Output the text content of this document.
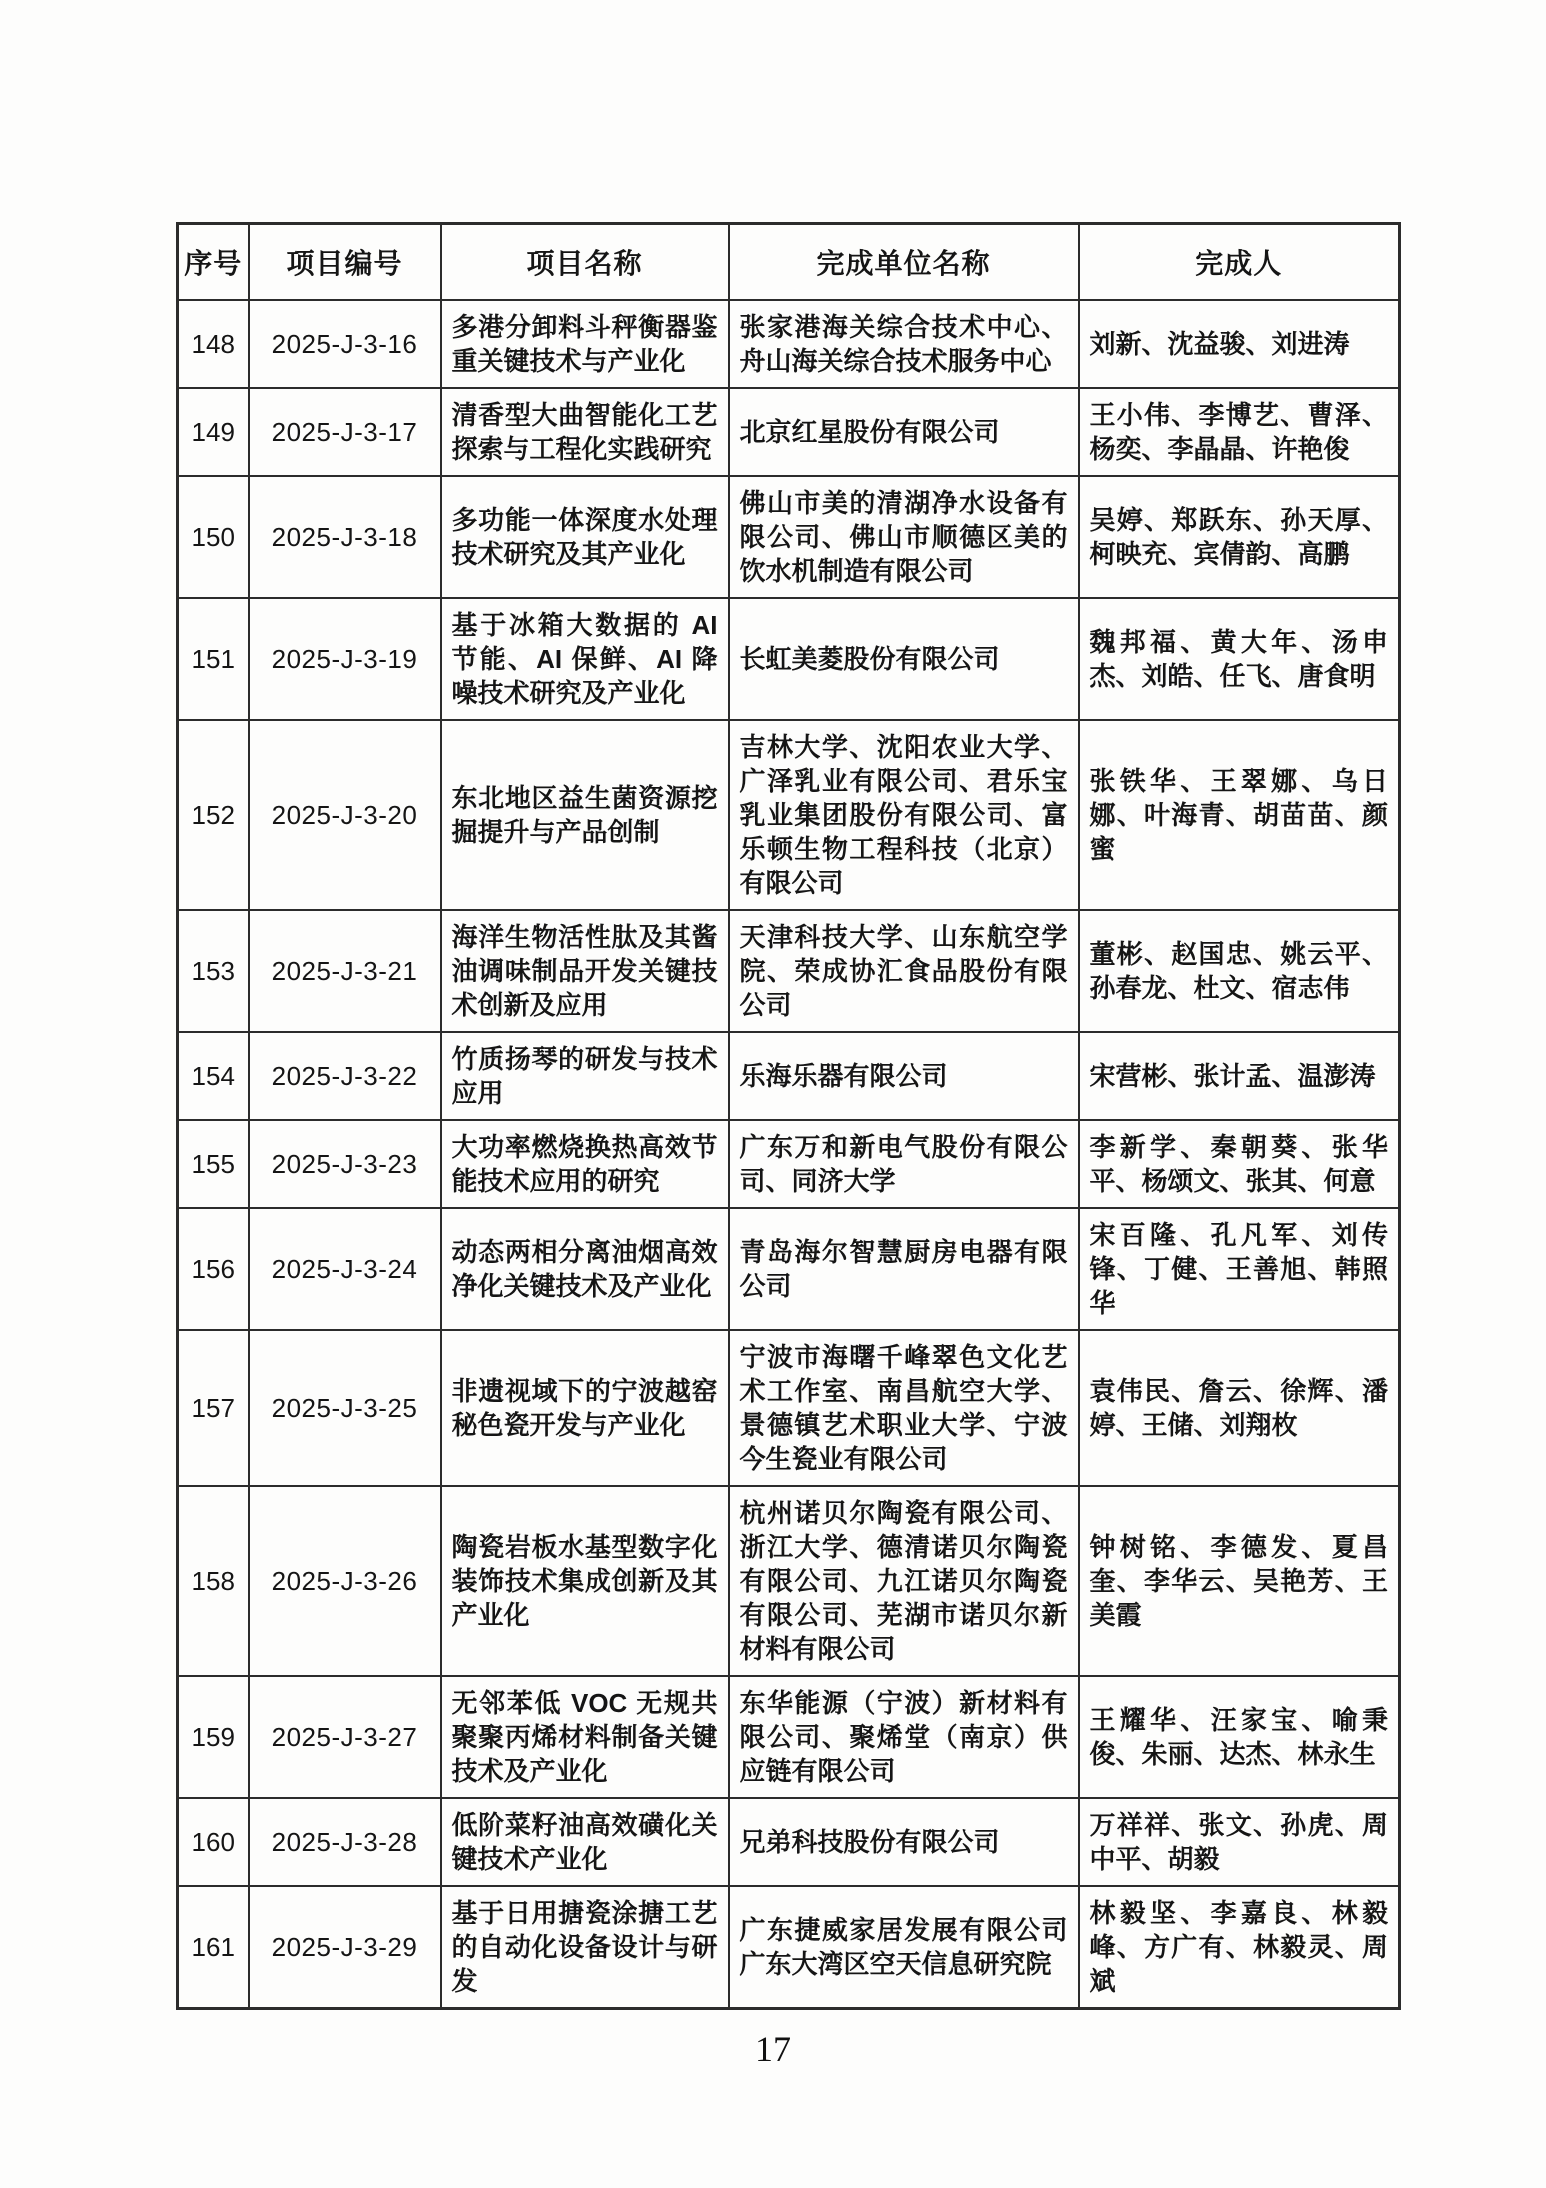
序号	项目编号	项目名称	完成单位名称	完成人
148	2025-J-3-16	多港分卸料斗秤衡器鉴重关键技术与产业化	张家港海关综合技术中心、舟山海关综合技术服务中心	刘新、沈益骏、刘进涛
149	2025-J-3-17	清香型大曲智能化工艺探索与工程化实践研究	北京红星股份有限公司	王小伟、李博艺、曹泽、杨奕、李晶晶、许艳俊
150	2025-J-3-18	多功能一体深度水处理技术研究及其产业化	佛山市美的清湖净水设备有限公司、佛山市顺德区美的饮水机制造有限公司	吴婷、郑跃东、孙天厚、柯映充、宾倩韵、高鹏
151	2025-J-3-19	基于冰箱大数据的 AI 节能、AI 保鲜、AI 降噪技术研究及产业化	长虹美菱股份有限公司	魏邦福、黄大年、汤申杰、刘皓、任飞、唐食明
152	2025-J-3-20	东北地区益生菌资源挖掘提升与产品创制	吉林大学、沈阳农业大学、广泽乳业有限公司、君乐宝乳业集团股份有限公司、富乐顿生物工程科技（北京）有限公司	张铁华、王翠娜、乌日娜、叶海青、胡苗苗、颜蜜
153	2025-J-3-21	海洋生物活性肽及其酱油调味制品开发关键技术创新及应用	天津科技大学、山东航空学院、荣成协汇食品股份有限公司	董彬、赵国忠、姚云平、孙春龙、杜文、宿志伟
154	2025-J-3-22	竹质扬琴的研发与技术应用	乐海乐器有限公司	宋营彬、张计孟、温澎涛
155	2025-J-3-23	大功率燃烧换热高效节能技术应用的研究	广东万和新电气股份有限公司、同济大学	李新学、秦朝葵、张华平、杨颂文、张其、何意
156	2025-J-3-24	动态两相分离油烟高效净化关键技术及产业化	青岛海尔智慧厨房电器有限公司	宋百隆、孔凡军、刘传锋、丁健、王善旭、韩照华
157	2025-J-3-25	非遗视域下的宁波越窑秘色瓷开发与产业化	宁波市海曙千峰翠色文化艺术工作室、南昌航空大学、景德镇艺术职业大学、宁波今生瓷业有限公司	袁伟民、詹云、徐辉、潘婷、王储、刘翔枚
158	2025-J-3-26	陶瓷岩板水基型数字化装饰技术集成创新及其产业化	杭州诺贝尔陶瓷有限公司、浙江大学、德清诺贝尔陶瓷有限公司、九江诺贝尔陶瓷有限公司、芜湖市诺贝尔新材料有限公司	钟树铭、李德发、夏昌奎、李华云、吴艳芳、王美霞
159	2025-J-3-27	无邻苯低 VOC 无规共聚聚丙烯材料制备关键技术及产业化	东华能源（宁波）新材料有限公司、聚烯堂（南京）供应链有限公司	王耀华、汪家宝、喻秉俊、朱丽、达杰、林永生
160	2025-J-3-28	低阶菜籽油高效磺化关键技术产业化	兄弟科技股份有限公司	万祥祥、张文、孙虎、周中平、胡毅
161	2025-J-3-29	基于日用搪瓷涂搪工艺的自动化设备设计与研发	广东捷威家居发展有限公司广东大湾区空天信息研究院	林毅坚、李嘉良、林毅峰、方广有、林毅灵、周斌
17
